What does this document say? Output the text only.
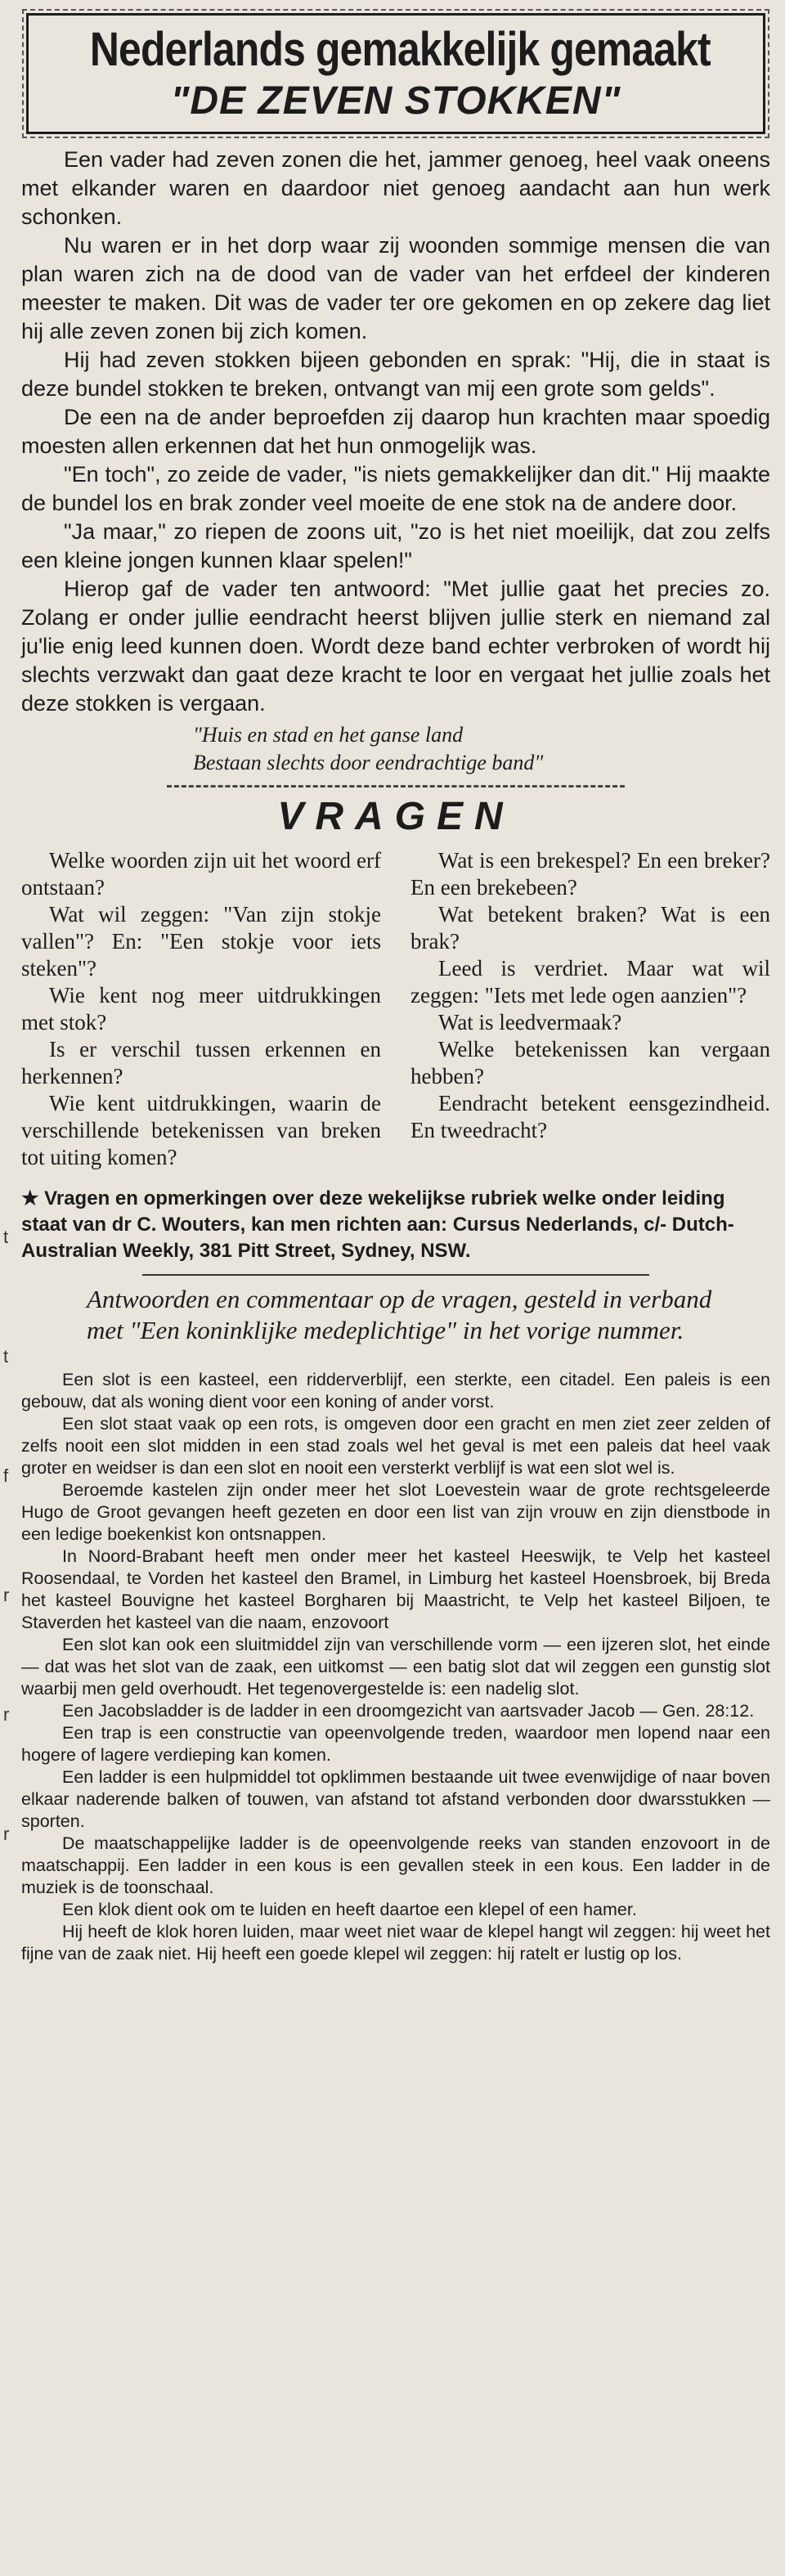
Nederlands gemakkelijk gemaakt
"DE ZEVEN STOKKEN"

Een vader had zeven zonen die het, jammer genoeg, heel vaak oneens met elkander waren en daardoor niet genoeg aandacht aan hun werk schonken.

Nu waren er in het dorp waar zij woonden sommige mensen die van plan waren zich na de dood van de vader van het erfdeel der kinderen meester te maken. Dit was de vader ter ore gekomen en op zekere dag liet hij alle zeven zonen bij zich komen.

Hij had zeven stokken bijeen gebonden en sprak: "Hij, die in staat is deze bundel stokken te breken, ontvangt van mij een grote som gelds".

De een na de ander beproefden zij daarop hun krachten maar spoedig moesten allen erkennen dat het hun onmogelijk was.

"En toch", zo zeide de vader, "is niets gemakkelijker dan dit." Hij maakte de bundel los en brak zonder veel moeite de ene stok na de andere door.

"Ja maar," zo riepen de zoons uit, "zo is het niet moeilijk, dat zou zelfs een kleine jongen kunnen klaar spelen!"

Hierop gaf de vader ten antwoord: "Met jullie gaat het precies zo. Zolang er onder jullie eendracht heerst blijven jullie sterk en niemand zal ju'lie enig leed kunnen doen. Wordt deze band echter verbroken of wordt hij slechts verzwakt dan gaat deze kracht te loor en vergaat het jullie zoals het deze stokken is vergaan.

"Huis en stad en het ganse land
Bestaan slechts door eendrachtige band"
VRAGEN

Welke woorden zijn uit het woord erf ontstaan?

Wat wil zeggen: "Van zijn stokje vallen"? En: "Een stokje voor iets steken"?

Wie kent nog meer uitdrukkingen met stok?

Is er verschil tussen erkennen en herkennen?

Wie kent uitdrukkingen, waarin de verschillende betekenissen van breken tot uiting komen?

Wat is een brekespel? En een breker? En een brekebeen?

Wat betekent braken? Wat is een brak?

Leed is verdriet. Maar wat wil zeggen: "Iets met lede ogen aanzien"?

Wat is leedvermaak?

Welke betekenissen kan vergaan hebben?

Eendracht betekent eensgezindheid. En tweedracht?

★ Vragen en opmerkingen over deze wekelijkse rubriek welke onder leiding staat van dr C. Wouters, kan men richten aan: Cursus Nederlands, c/- Dutch-Australian Weekly, 381 Pitt Street, Sydney, NSW.
Antwoorden en commentaar op de vragen, gesteld in verband met "Een koninklijke medeplichtige" in het vorige nummer.

Een slot is een kasteel, een ridderverblijf, een sterkte, een citadel. Een paleis is een gebouw, dat als woning dient voor een koning of ander vorst.

Een slot staat vaak op een rots, is omgeven door een gracht en men ziet zeer zelden of zelfs nooit een slot midden in een stad zoals wel het geval is met een paleis dat heel vaak groter en weidser is dan een slot en nooit een versterkt verblijf is wat een slot wel is.

Beroemde kastelen zijn onder meer het slot Loevestein waar de grote rechtsgeleerde Hugo de Groot gevangen heeft gezeten en door een list van zijn vrouw en zijn dienstbode in een ledige boekenkist kon ontsnappen.

In Noord-Brabant heeft men onder meer het kasteel Heeswijk, te Velp het kasteel Roosendaal, te Vorden het kasteel den Bramel, in Limburg het kasteel Hoensbroek, bij Breda het kasteel Bouvigne het kasteel Borgharen bij Maastricht, te Velp het kasteel Biljoen, te Staverden het kasteel van die naam, enzovoort

Een slot kan ook een sluitmiddel zijn van verschillende vorm — een ijzeren slot, het einde — dat was het slot van de zaak, een uitkomst — een batig slot dat wil zeggen een gunstig slot waarbij men geld overhoudt. Het tegenovergestelde is: een nadelig slot.

Een Jacobsladder is de ladder in een droomgezicht van aartsvader Jacob — Gen. 28:12.

Een trap is een constructie van opeenvolgende treden, waardoor men lopend naar een hogere of lagere verdieping kan komen.

Een ladder is een hulpmiddel tot opklimmen bestaande uit twee evenwijdige of naar boven elkaar naderende balken of touwen, van afstand tot afstand verbonden door dwarsstukken — sporten.

De maatschappelijke ladder is de opeenvolgende reeks van standen enzovoort in de maatschappij. Een ladder in een kous is een gevallen steek in een kous. Een ladder in de muziek is de toonschaal.

Een klok dient ook om te luiden en heeft daartoe een klepel of een hamer.

Hij heeft de klok horen luiden, maar weet niet waar de klepel hangt wil zeggen: hij weet het fijne van de zaak niet. Hij heeft een goede klepel wil zeggen: hij ratelt er lustig op los.

t
t
f
r
r
r
